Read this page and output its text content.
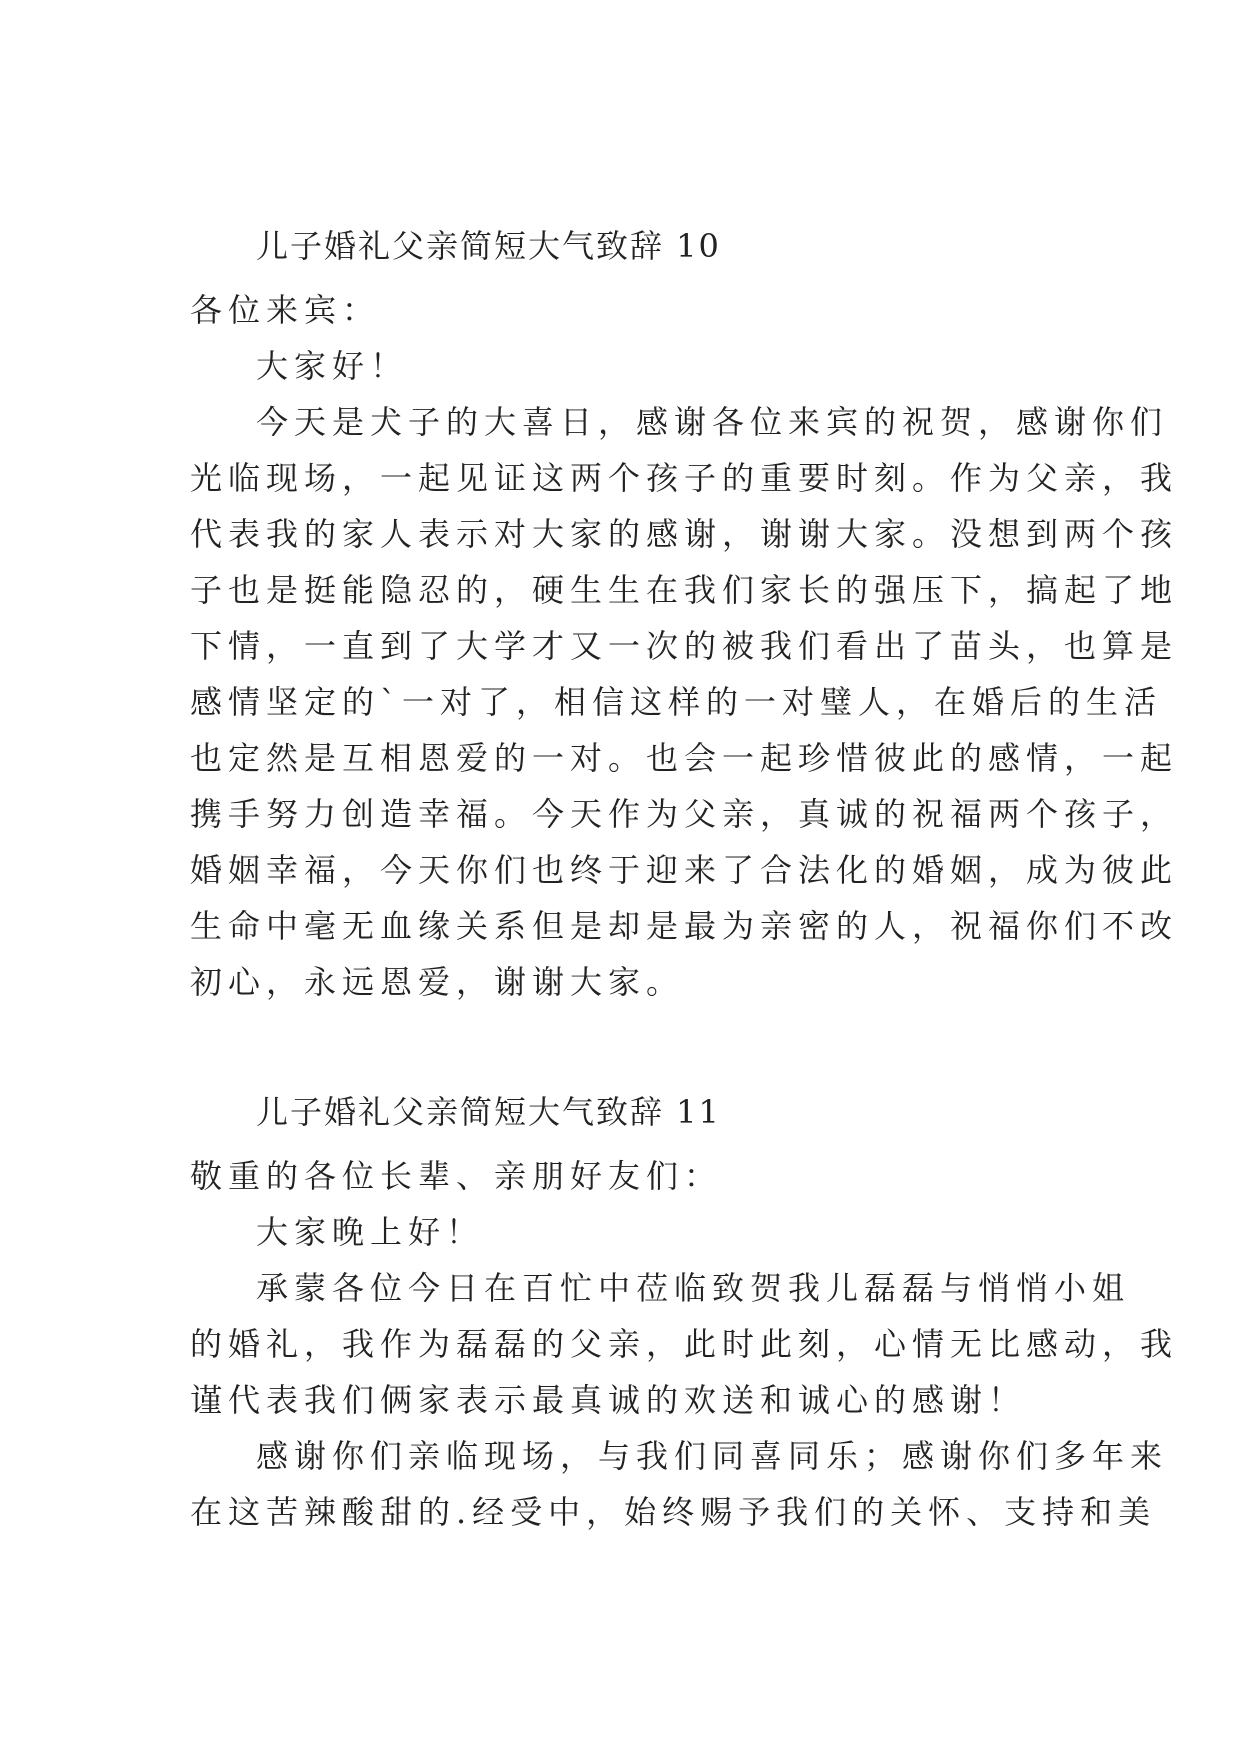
儿子婚礼父亲简短大气致辞 10
各位来宾：
大家好！
今天是犬子的大喜日，感谢各位来宾的祝贺，感谢你们
光临现场，一起见证这两个孩子的重要时刻。作为父亲，我
代表我的家人表示对大家的感谢，谢谢大家。没想到两个孩
子也是挺能隐忍的，硬生生在我们家长的强压下，搞起了地
下情，一直到了大学才又一次的被我们看出了苗头，也算是
感情坚定的`一对了，相信这样的一对璧人，在婚后的生活
也定然是互相恩爱的一对。也会一起珍惜彼此的感情，一起
携手努力创造幸福。今天作为父亲，真诚的祝福两个孩子，
婚姻幸福，今天你们也终于迎来了合法化的婚姻，成为彼此
生命中毫无血缘关系但是却是最为亲密的人，祝福你们不改
初心，永远恩爱，谢谢大家。
儿子婚礼父亲简短大气致辞 11
敬重的各位长辈、亲朋好友们：
大家晚上好！
承蒙各位今日在百忙中莅临致贺我儿磊磊与悄悄小姐
的婚礼，我作为磊磊的父亲，此时此刻，心情无比感动，我
谨代表我们俩家表示最真诚的欢送和诚心的感谢！
感谢你们亲临现场，与我们同喜同乐；感谢你们多年来
在这苦辣酸甜的.经受中，始终赐予我们的关怀、支持和美
